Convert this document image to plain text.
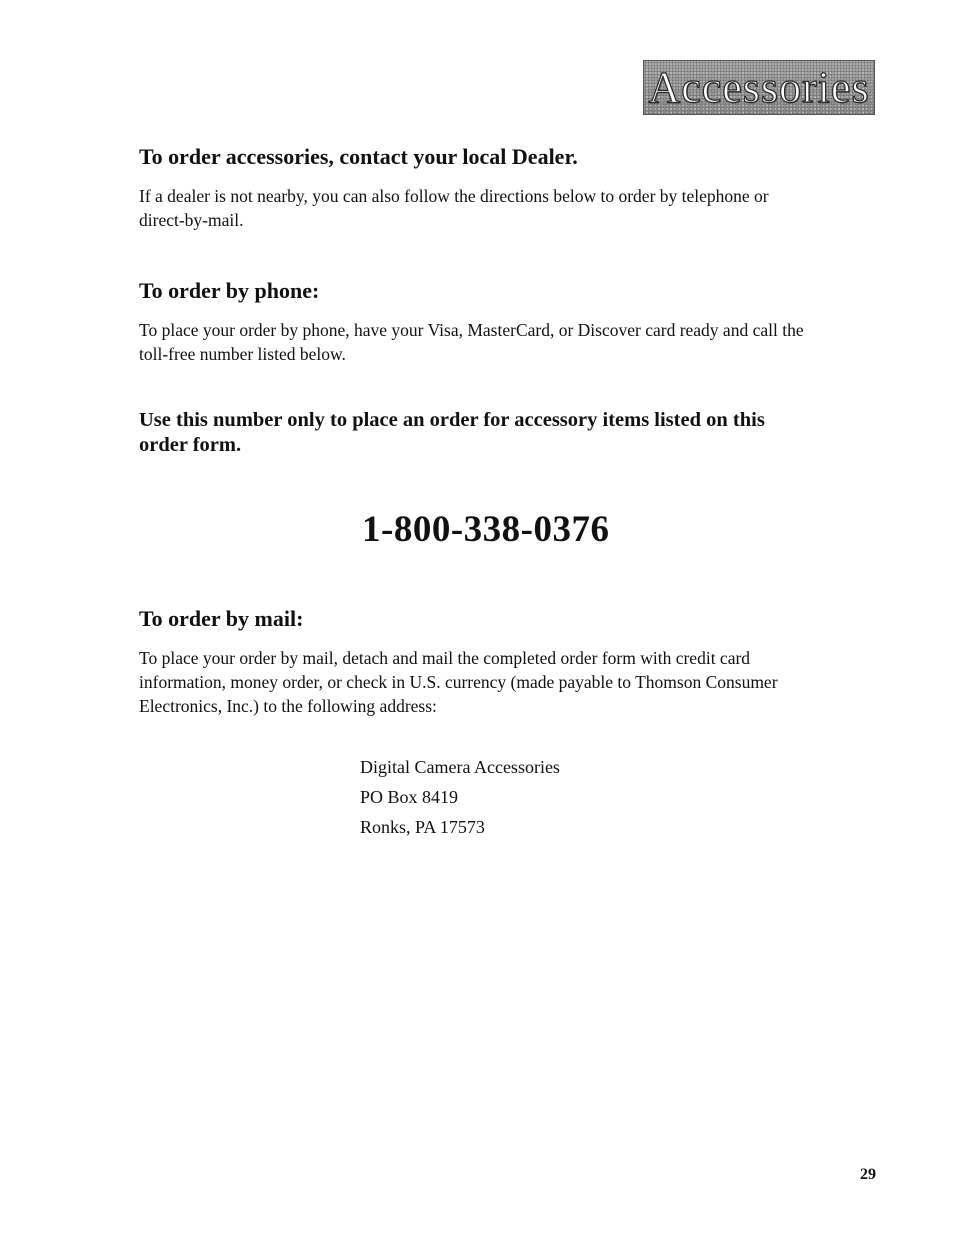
Accessories
To order accessories, contact your local Dealer.

If a dealer is not nearby, you can also follow the directions below to order by telephone or direct-by-mail.

To order by phone:

To place your order by phone, have your Visa, MasterCard, or Discover card ready and call the toll-free number listed below.

Use this number only to place an order for accessory items listed on this order form.

1-800-338-0376
To order by mail:

To place your order by mail, detach and mail the completed order form with credit card information, money order, or check in U.S. currency (made payable to Thomson Consumer Electronics, Inc.) to the following address:

Digital Camera Accessories
PO Box 8419
Ronks, PA 17573
29
